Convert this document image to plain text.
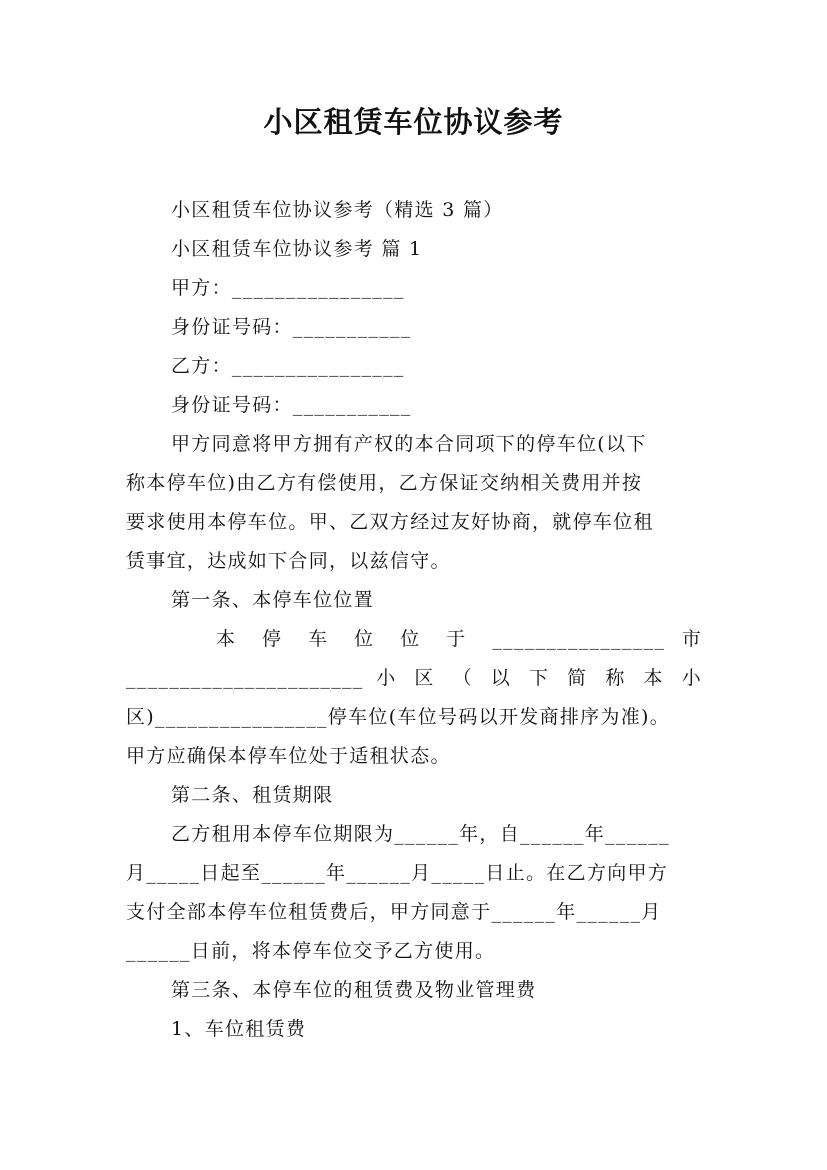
小区租赁车位协议参考
小区租赁车位协议参考（精选 3 篇）
小区租赁车位协议参考 篇 1
甲方：________________
身份证号码：___________
乙方：________________
身份证号码：___________
甲方同意将甲方拥有产权的本合同项下的停车位(以下
称本停车位)由乙方有偿使用，乙方保证交纳相关费用并按
要求使用本停车位。甲、乙双方经过友好协商，就停车位租
赁事宜，达成如下合同，以兹信守。
第一条、本停车位位置
本 停 车 位 位 于 ________________ 市
______________________ 小 区 （ 以 下 简 称 本 小
区)________________停车位(车位号码以开发商排序为准)。
甲方应确保本停车位处于适租状态。
第二条、租赁期限
乙方租用本停车位期限为______年，自______年______
月_____日起至______年______月_____日止。在乙方向甲方
支付全部本停车位租赁费后，甲方同意于______年______月
______日前，将本停车位交予乙方使用。
第三条、本停车位的租赁费及物业管理费
1、车位租赁费
